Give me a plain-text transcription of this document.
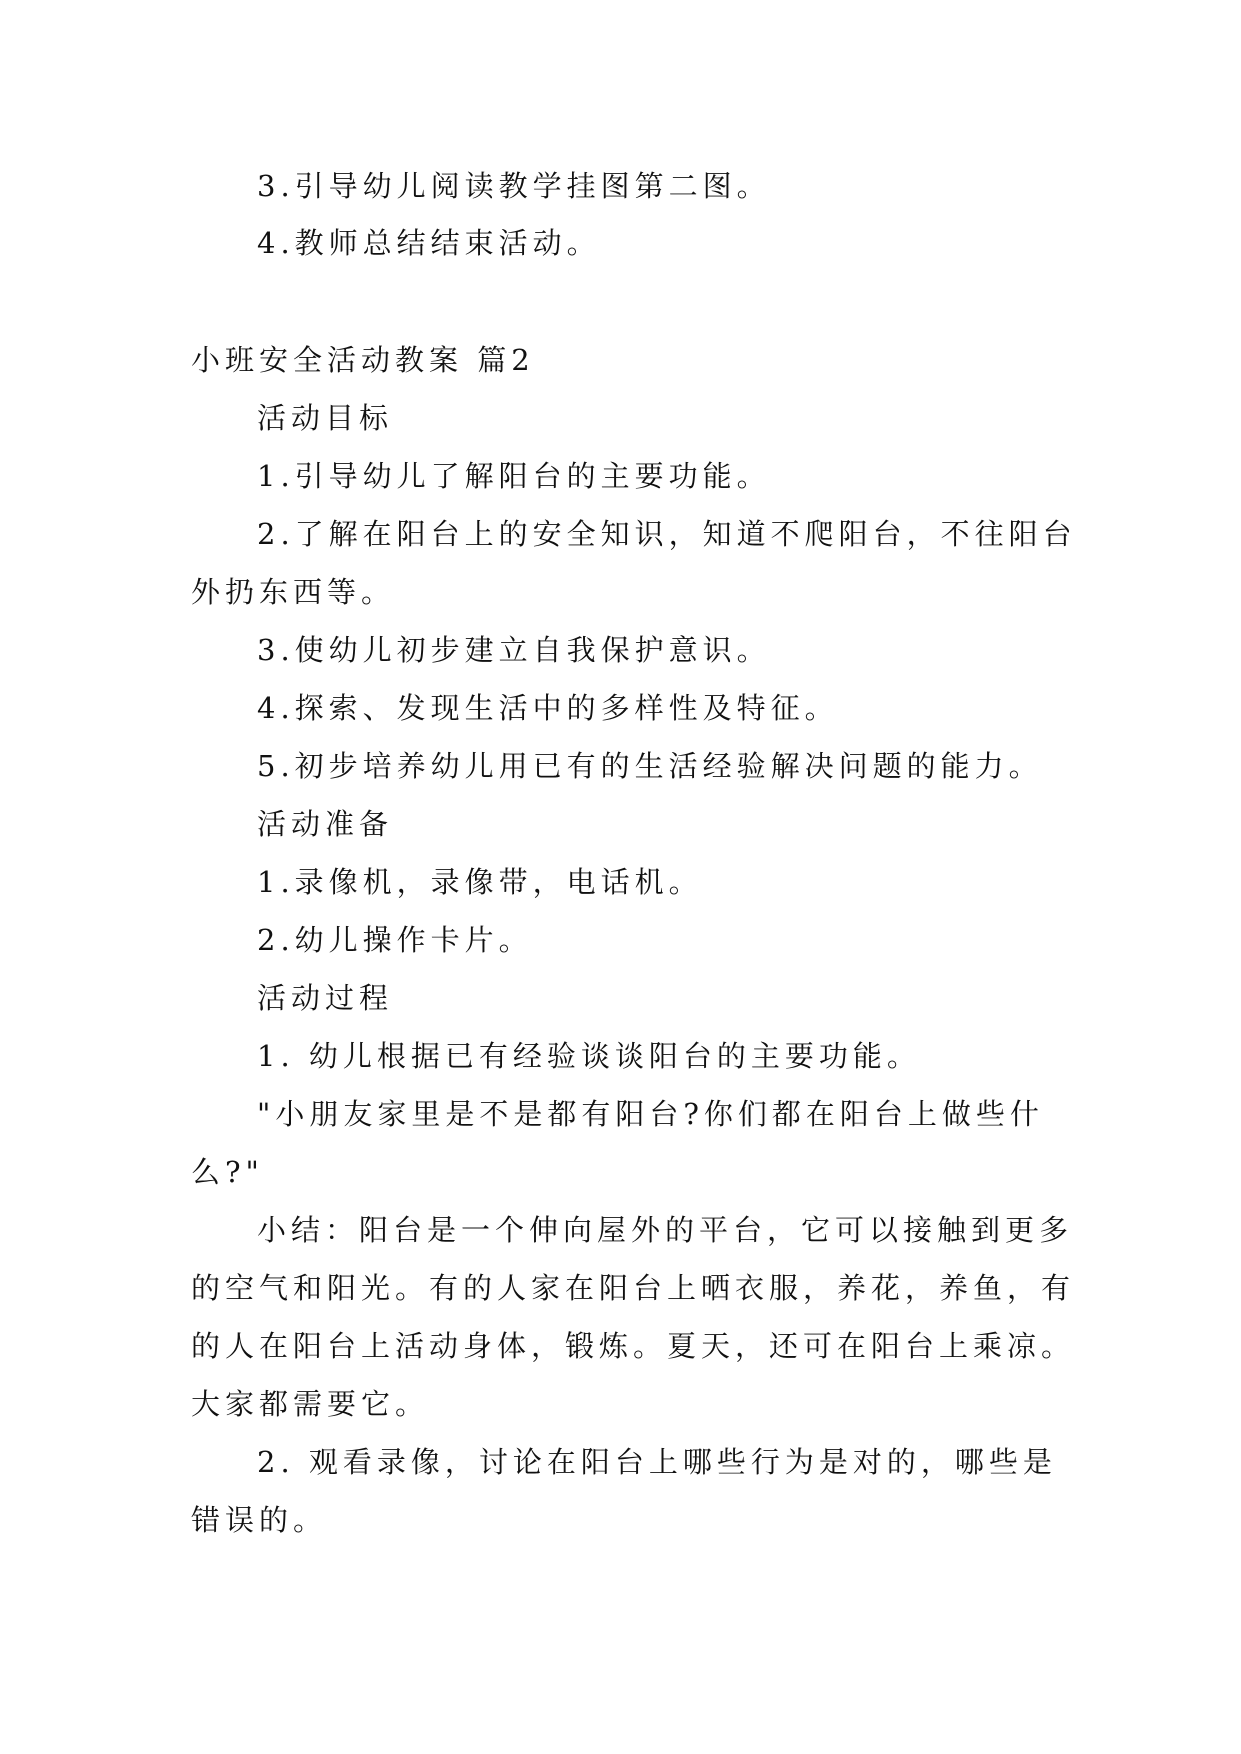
3.引导幼儿阅读教学挂图第二图。

4.教师总结结束活动。

小班安全活动教案 篇2

活动目标

1.引导幼儿了解阳台的主要功能。

2.了解在阳台上的安全知识，知道不爬阳台，不往阳台

外扔东西等。

3.使幼儿初步建立自我保护意识。

4.探索、发现生活中的多样性及特征。

5.初步培养幼儿用已有的生活经验解决问题的能力。

活动准备

1.录像机，录像带，电话机。

2.幼儿操作卡片。

活动过程

1. 幼儿根据已有经验谈谈阳台的主要功能。

"小朋友家里是不是都有阳台?你们都在阳台上做些什

么?"

小结：阳台是一个伸向屋外的平台，它可以接触到更多

的空气和阳光。有的人家在阳台上晒衣服，养花，养鱼，有

的人在阳台上活动身体，锻炼。夏天，还可在阳台上乘凉。

大家都需要它。

2. 观看录像，讨论在阳台上哪些行为是对的，哪些是

错误的。
